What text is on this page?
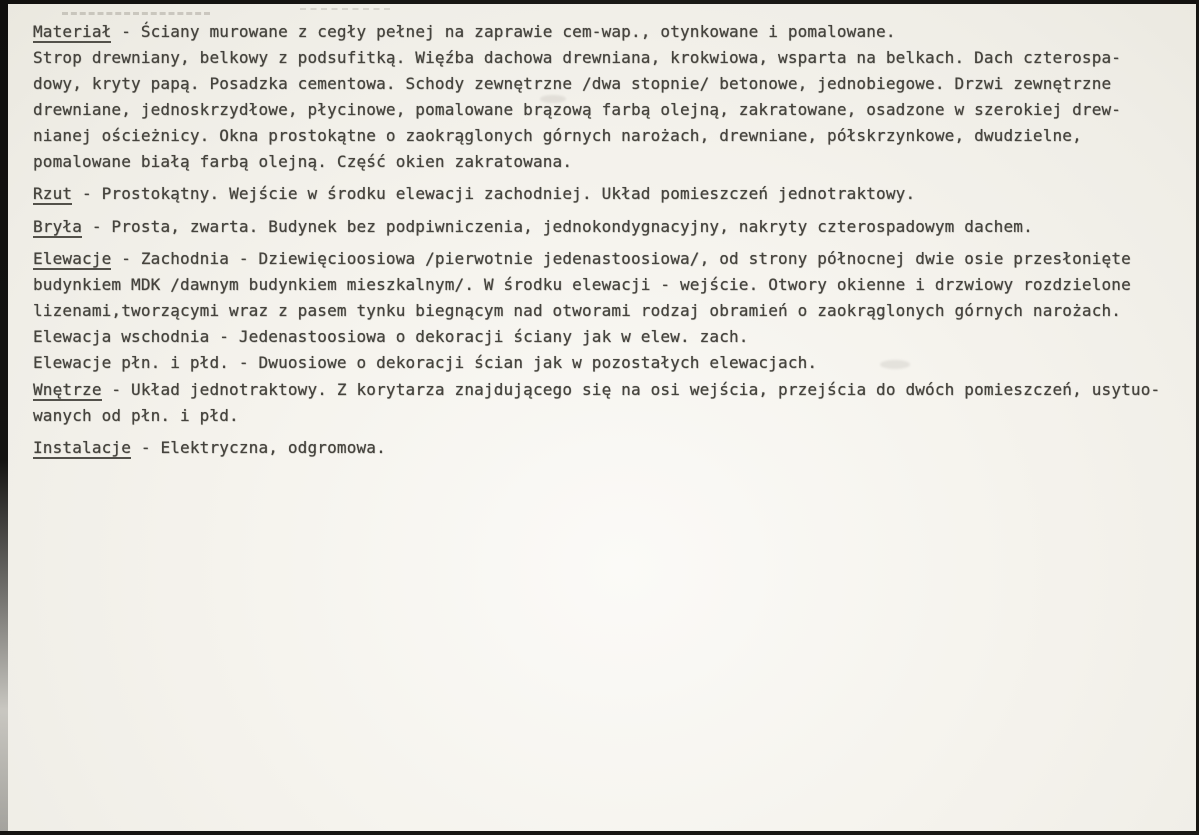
Materiał - Ściany murowane z cegły pełnej na zaprawie cem-wap., otynkowane i pomalowane.
Strop drewniany, belkowy z podsufitką. Więźba dachowa drewniana, krokwiowa, wsparta na belkach. Dach czterospa-
dowy, kryty papą. Posadzka cementowa. Schody zewnętrzne /dwa stopnie/ betonowe, jednobiegowe. Drzwi zewnętrzne
drewniane, jednoskrzydłowe, płycinowe, pomalowane brązową farbą olejną, zakratowane, osadzone w szerokiej drew-
nianej ościeżnicy. Okna prostokątne o zaokrąglonych górnych narożach, drewniane, półskrzynkowe, dwudzielne,
pomalowane białą farbą olejną. Część okien zakratowana.
Rzut - Prostokątny. Wejście w środku elewacji zachodniej. Układ pomieszczeń jednotraktowy.
Bryła - Prosta, zwarta. Budynek bez podpiwniczenia, jednokondygnacyjny, nakryty czterospadowym dachem.
Elewacje - Zachodnia - Dziewięcioosiowa /pierwotnie jedenastoosiowa/, od strony północnej dwie osie przesłonięte
budynkiem MDK /dawnym budynkiem mieszkalnym/. W środku elewacji - wejście. Otwory okienne i drzwiowy rozdzielone
lizenami,tworzącymi wraz z pasem tynku biegnącym nad otworami rodzaj obramień o zaokrąglonych górnych narożach.
Elewacja wschodnia - Jedenastoosiowa o dekoracji ściany jak w elew. zach.
Elewacje płn. i płd. - Dwuosiowe o dekoracji ścian jak w pozostałych elewacjach.
Wnętrze - Układ jednotraktowy. Z korytarza znajdującego się na osi wejścia, przejścia do dwóch pomieszczeń, usytuo-
wanych od płn. i płd.
Instalacje - Elektryczna, odgromowa.
